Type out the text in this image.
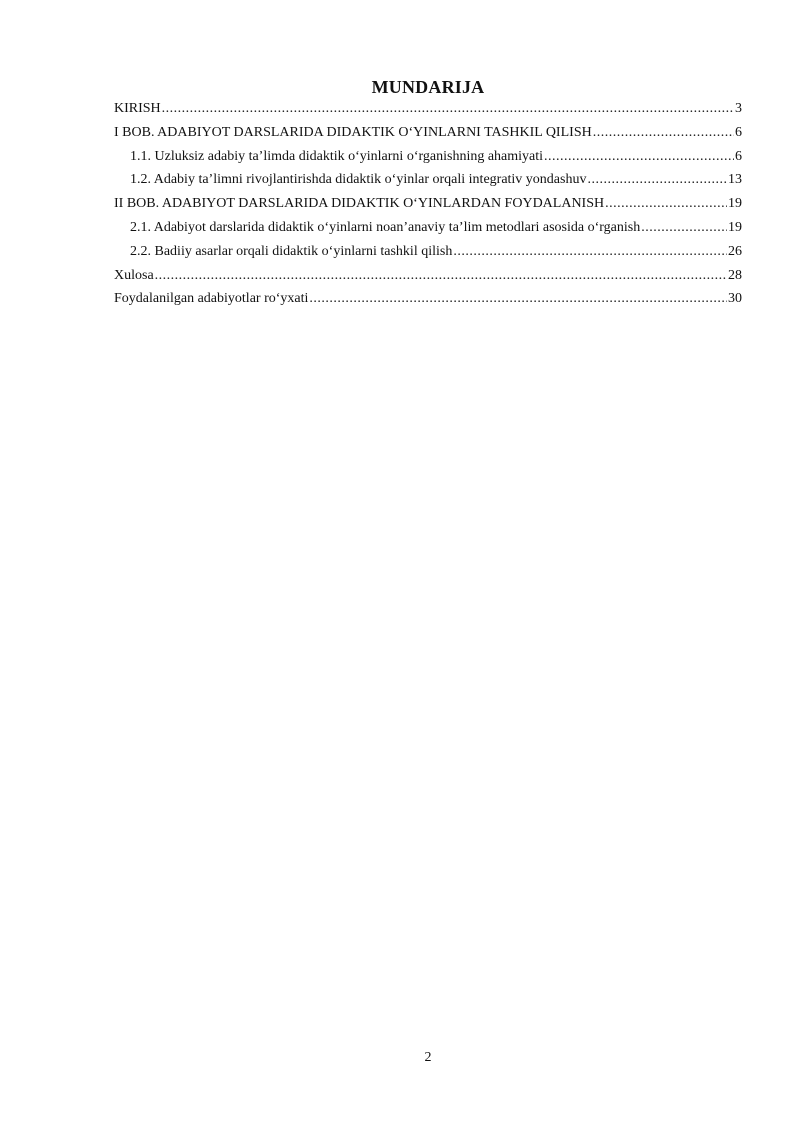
MUNDARIJA
KIRISH .....	3
I BOB. ADABIYOT DARSLARIDA DIDAKTIK O‘YINLARNI TASHKIL QILISH .....	6
1.1. Uzluksiz adabiy ta’limda didaktik o‘yinlarni o‘rganishning ahamiyati .....	6
1.2. Adabiy ta’limni rivojlantirishda didaktik o‘yinlar orqali integrativ yondashuv .....	13
II BOB. ADABIYOT DARSLARIDA DIDAKTIK O‘YINLARDAN FOYDALANISH .....	19
2.1. Adabiyot darslarida didaktik o‘yinlarni noan’anaviy ta’lim metodlari asosida o‘rganish .....	19
2.2. Badiiy asarlar orqali didaktik o‘yinlarni tashkil qilish .....	26
Xulosa .....	28
Foydalanilgan adabiyotlar ro‘yxati .....	30
2
